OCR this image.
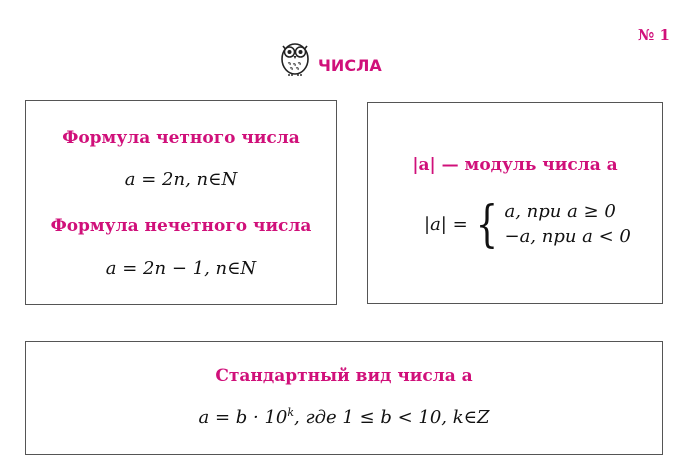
№ 1
ЧИСЛА
Формула четного числа
a = 2n, n∈N
Формула нечетного числа
a = 2n − 1, n∈N
|a| — модуль числа a
|a| = { a, при a ≥ 0
−a, при a < 0
Стандартный вид числа a
$a = b \cdot 10^k$, где 1 ≤ b < 10, k∈Z
